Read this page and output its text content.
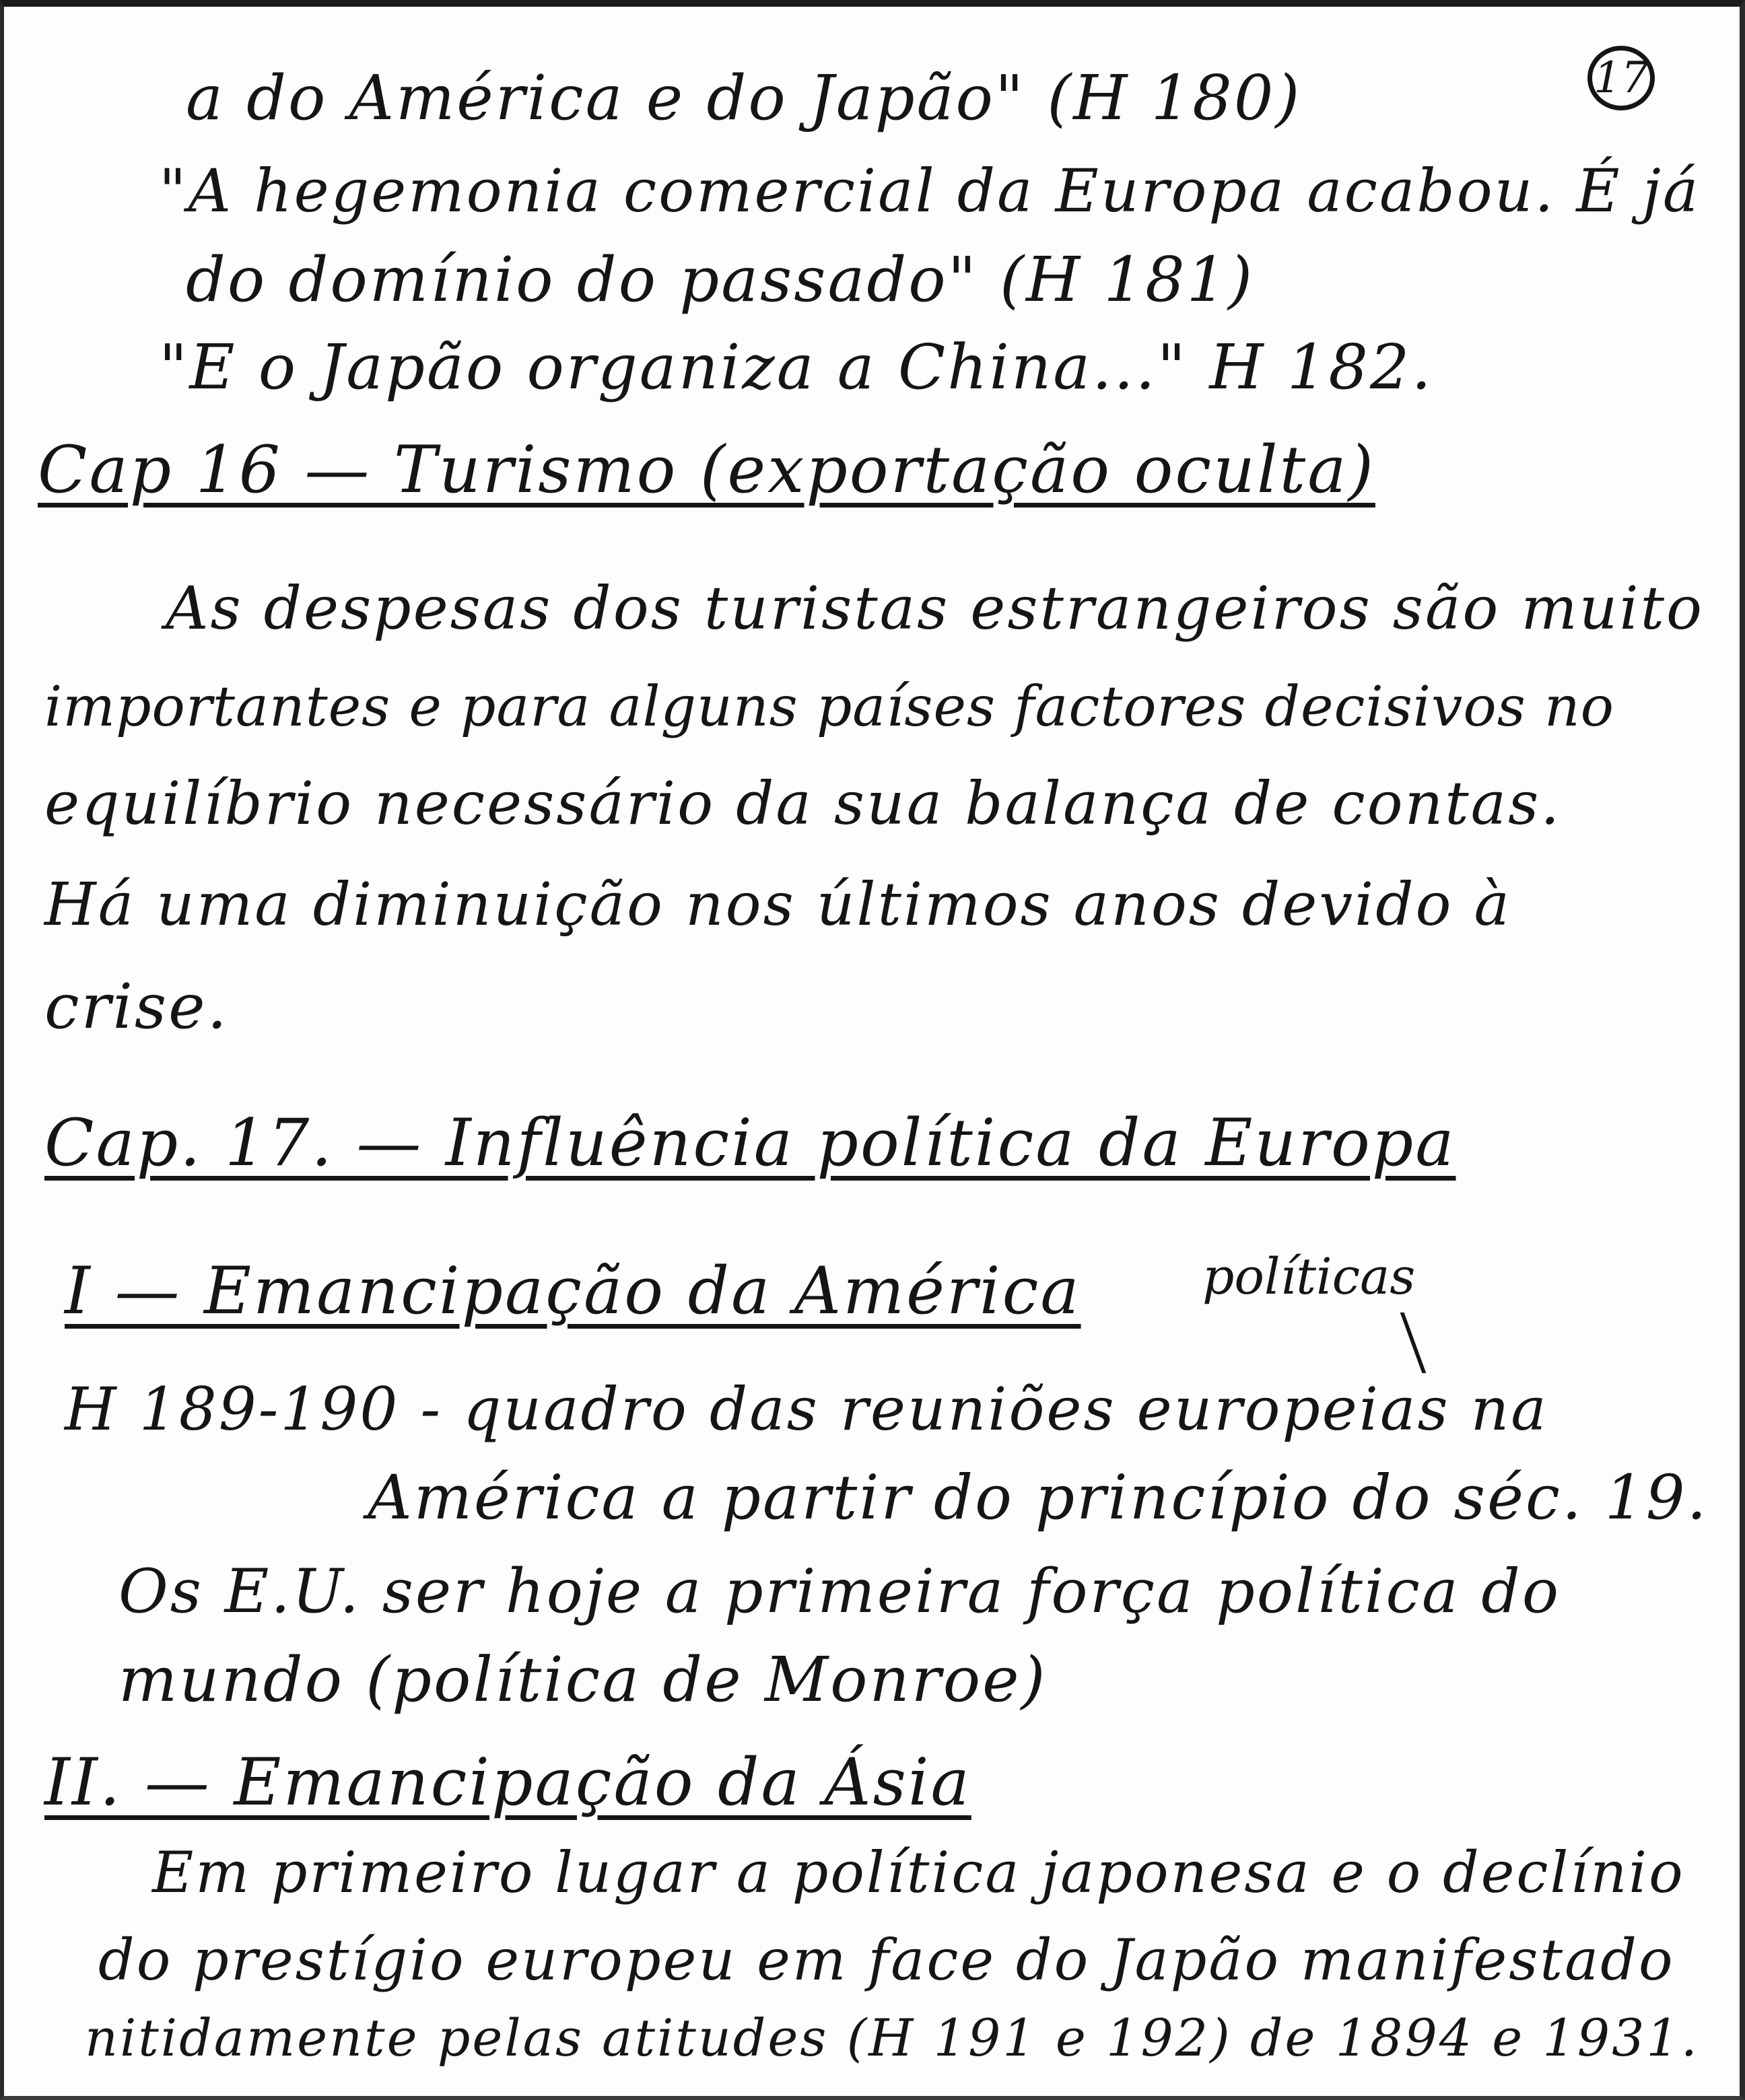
17
a do América e do Japão" (H 180)
"A hegemonia comercial da Europa acabou. É já
do domínio do passado" (H 181)
"E o Japão organiza a China..." H 182.
Cap 16 — Turismo (exportação oculta)
As despesas dos turistas estrangeiros são muito
importantes e para alguns países factores decisivos no
equilíbrio necessário da sua balança de contas.
Há uma diminuição nos últimos anos devido à
crise.
Cap. 17. — Influência política da Europa
I — Emancipação da América políticas
H 189-190 - quadro das reuniões europeias na
América a partir do princípio do séc. 19.
Os E.U. ser hoje a primeira força política do
mundo (política de Monroe)
II. — Emancipação da Ásia
Em primeiro lugar a política japonesa e o declínio
do prestígio europeu em face do Japão manifestado
nitidamente pelas atitudes (H 191 e 192) de 1894 e 1931.
